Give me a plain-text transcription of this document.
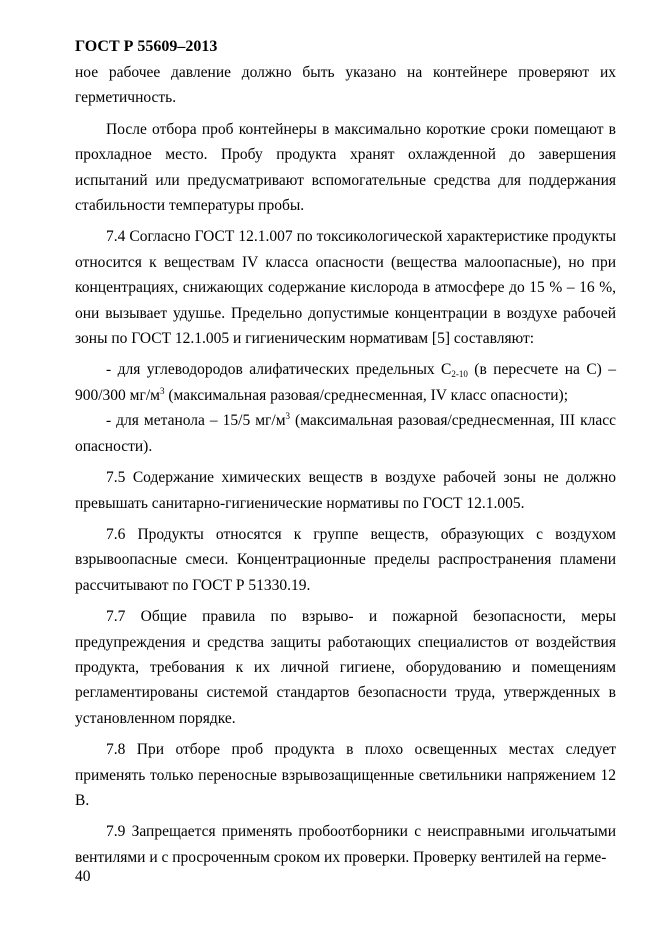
ГОСТ Р 55609–2013

ное рабочее давление должно быть указано на контейнере проверяют их герметичность.

После отбора проб контейнеры в максимально короткие сроки помещают в прохладное место. Пробу продукта хранят охлажденной до завершения испытаний или предусматривают вспомогательные средства для поддержания стабильности температуры пробы.

7.4 Согласно ГОСТ 12.1.007 по токсикологической характеристике продукты относится к веществам IV класса опасности (вещества малоопасные), но при концентрациях, снижающих содержание кислорода в атмосфере до 15 % – 16 %, они вызывает удушье. Предельно допустимые концентрации в воздухе рабочей зоны по ГОСТ 12.1.005 и гигиеническим нормативам [5] составляют:

- для углеводородов алифатических предельных $С_{2-10}$ (в пересчете на С) – 900/300 $мг/м^3$ (максимальная разовая/среднесменная, IV класс опасности);

- для метанола – 15/5 $мг/м^3$ (максимальная разовая/среднесменная, III класс опасности).

7.5 Содержание химических веществ в воздухе рабочей зоны не должно превышать санитарно-гигиенические нормативы по ГОСТ 12.1.005.

7.6 Продукты относятся к группе веществ, образующих с воздухом взрывоопасные смеси. Концентрационные пределы распространения пламени рассчитывают по ГОСТ Р 51330.19.

7.7 Общие правила по взрыво- и пожарной безопасности, меры предупреждения и средства защиты работающих специалистов от воздействия продукта, требования к их личной гигиене, оборудованию и помещениям регламентированы системой стандартов безопасности труда, утвержденных в установленном порядке.

7.8 При отборе проб продукта в плохо освещенных местах следует применять только переносные взрывозащищенные светильники напряжением 12 В.

7.9 Запрещается применять пробоотборники с неисправными игольчатыми вентилями и с просроченным сроком их проверки. Проверку вентилей на герме-

40
